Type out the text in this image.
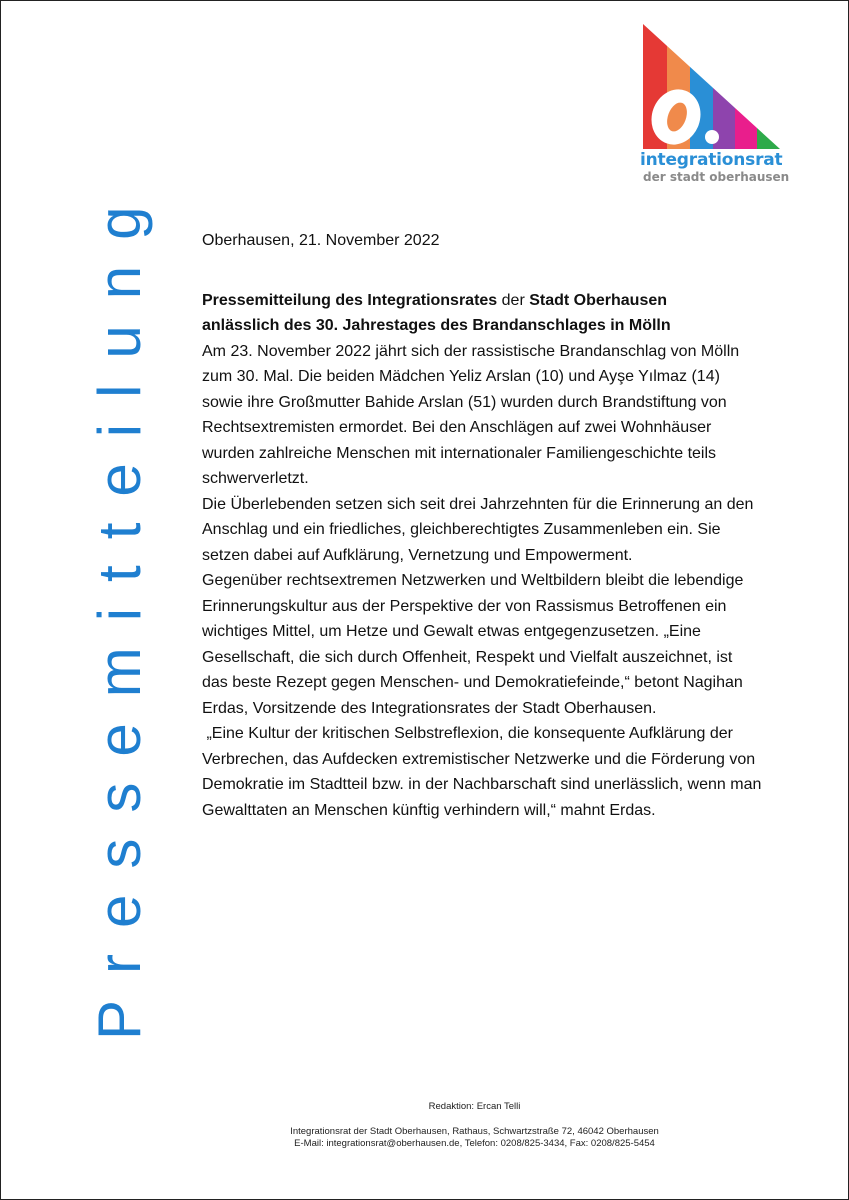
Pressemitteilung
integrationsrat
der stadt oberhausen

Oberhausen, 21. November 2022

Pressemitteilung des Integrationsrates der Stadt Oberhausen
anlässlich des 30. Jahrestages des Brandanschlages in Mölln

Am 23. November 2022 jährt sich der rassistische Brandanschlag von Mölln zum 30. Mal. Die beiden Mädchen Yeliz Arslan (10) und Ayşe Yılmaz (14) sowie ihre Großmutter Bahide Arslan (51) wurden durch Brandstiftung von Rechtsextremisten ermordet. Bei den Anschlägen auf zwei Wohnhäuser wurden zahlreiche Menschen mit internationaler Familiengeschichte teils schwerverletzt.

Die Überlebenden setzen sich seit drei Jahrzehnten für die Erinnerung an den Anschlag und ein friedliches, gleichberechtigtes Zusammenleben ein. Sie setzen dabei auf Aufklärung, Vernetzung und Empowerment.

Gegenüber rechtsextremen Netzwerken und Weltbildern bleibt die lebendige Erinnerungskultur aus der Perspektive der von Rassismus Betroffenen ein wichtiges Mittel, um Hetze und Gewalt etwas entgegenzusetzen. „Eine Gesellschaft, die sich durch Offenheit, Respekt und Vielfalt auszeichnet, ist das beste Rezept gegen Menschen- und Demokratiefeinde,“ betont Nagihan Erdas, Vorsitzende des Integrationsrates der Stadt Oberhausen.

„Eine Kultur der kritischen Selbstreflexion, die konsequente Aufklärung der Verbrechen, das Aufdecken extremistischer Netzwerke und die Förderung von Demokratie im Stadtteil bzw. in der Nachbarschaft sind unerlässlich, wenn man Gewalttaten an Menschen künftig verhindern will,“ mahnt Erdas.

Redaktion: Ercan Telli
Integrationsrat der Stadt Oberhausen, Rathaus, Schwartzstraße 72, 46042 Oberhausen
E-Mail: integrationsrat@oberhausen.de, Telefon: 0208/825-3434, Fax: 0208/825-5454
